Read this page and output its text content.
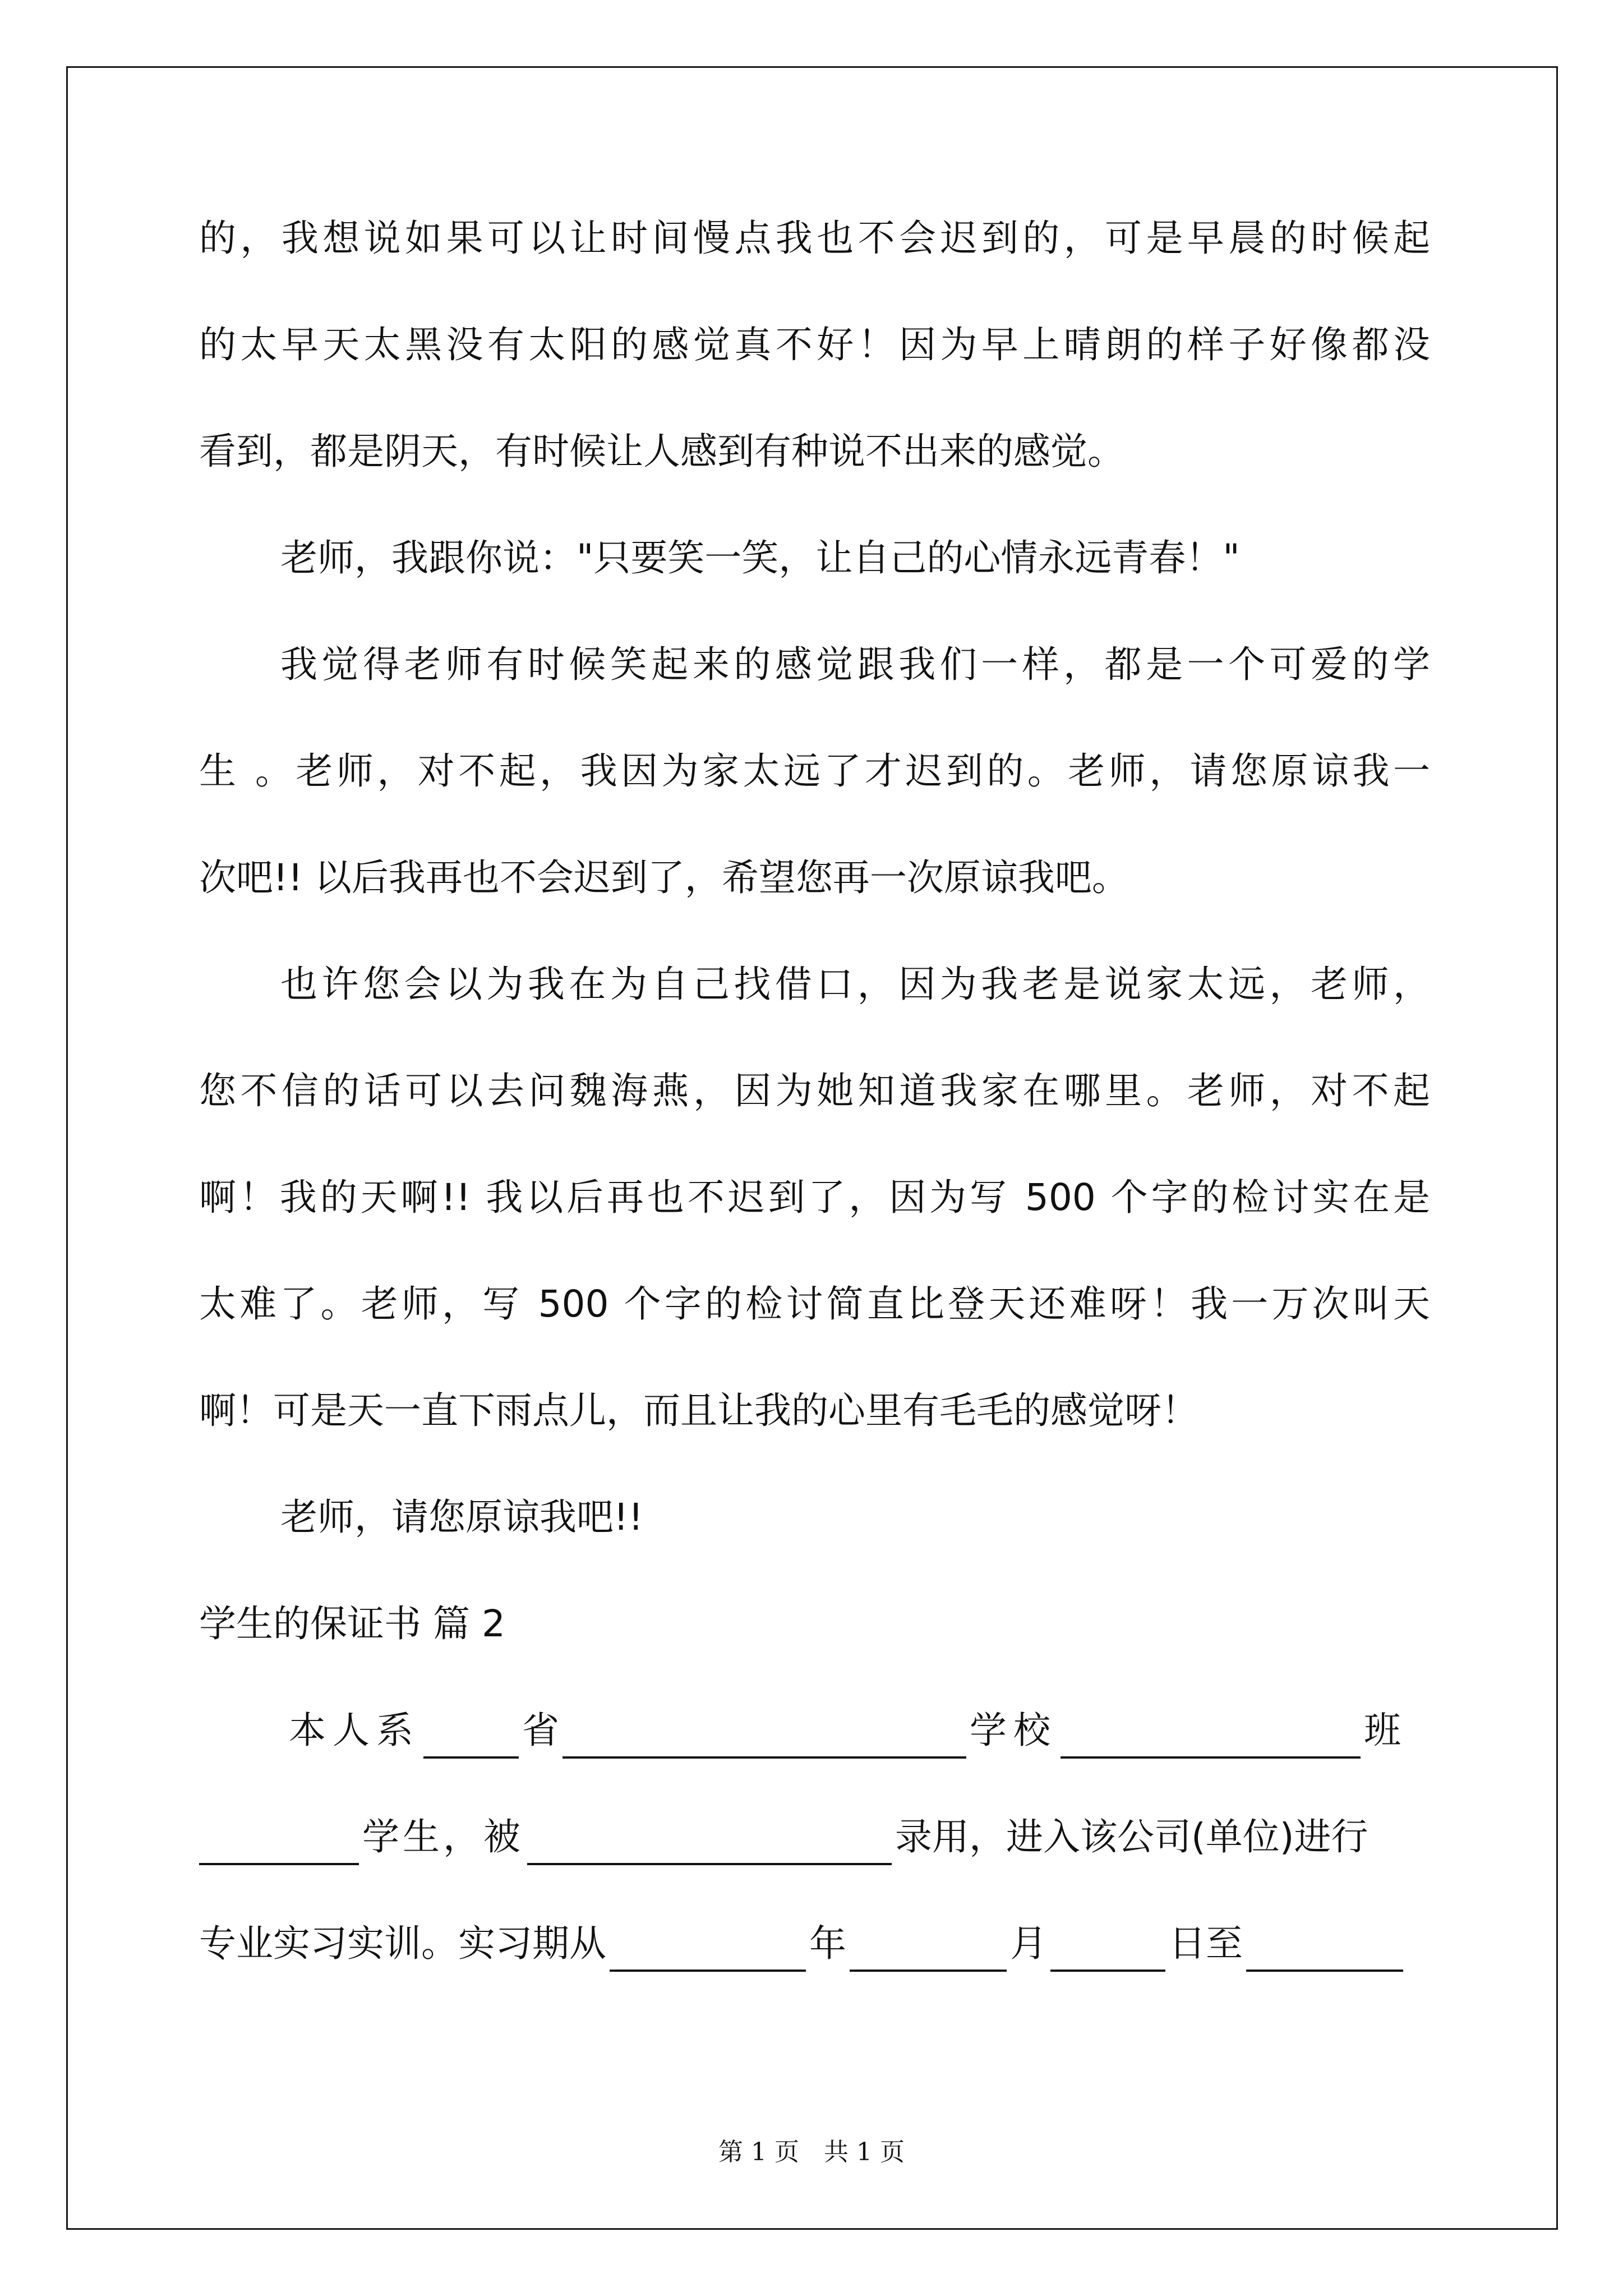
的，我想说如果可以让时间慢点我也不会迟到的，可是早晨的时候起
的太早天太黑没有太阳的感觉真不好！因为早上晴朗的样子好像都没
看到，都是阴天，有时候让人感到有种说不出来的感觉。
老师，我跟你说："只要笑一笑，让自己的心情永远青春！"
我觉得老师有时候笑起来的感觉跟我们一样，都是一个可爱的学
生 。老师，对不起，我因为家太远了才迟到的。老师，请您原谅我一
次吧!! 以后我再也不会迟到了，希望您再一次原谅我吧。
也许您会以为我在为自己找借口，因为我老是说家太远，老师，
您不信的话可以去问魏海燕，因为她知道我家在哪里。老师，对不起
啊！我的天啊!! 我以后再也不迟到了，因为写 500 个字的检讨实在是
太难了。老师，写 500 个字的检讨简直比登天还难呀！我一万次叫天
啊！可是天一直下雨点儿，而且让我的心里有毛毛的感觉呀！
老师，请您原谅我吧!!
学生的保证书 篇 2
本人系	省	学校	班
学生，被	录用，进入该公司(单位)进行
专业实习实训。实习期从	年	月	日至
第 1 页　共 1 页
